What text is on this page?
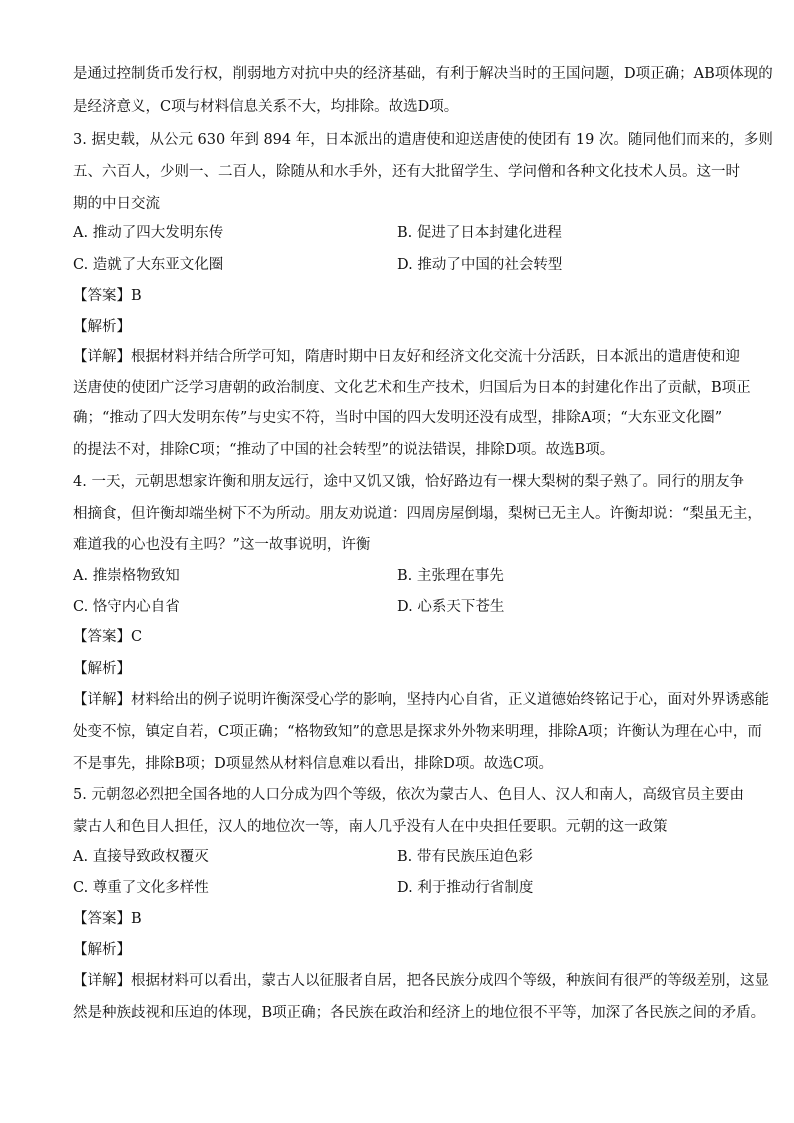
是通过控制货币发行权，削弱地方对抗中央的经济基础，有利于解决当时的王国问题，D项正确；AB项体现的
是经济意义，C项与材料信息关系不大，均排除。故选D项。
3. 据史载，从公元 630 年到 894 年，日本派出的遣唐使和迎送唐使的使团有 19 次。随同他们而来的，多则
五、六百人，少则一、二百人，除随从和水手外，还有大批留学生、学问僧和各种文化技术人员。这一时
期的中日交流
A. 推动了四大发明东传	B. 促进了日本封建化进程
C. 造就了大东亚文化圈	D. 推动了中国的社会转型
【答案】B
【解析】
【详解】根据材料并结合所学可知，隋唐时期中日友好和经济文化交流十分活跃，日本派出的遣唐使和迎
送唐使的使团广泛学习唐朝的政治制度、文化艺术和生产技术，归国后为日本的封建化作出了贡献，B项正
确；“推动了四大发明东传”与史实不符，当时中国的四大发明还没有成型，排除A项；“大东亚文化圈”
的提法不对，排除C项；“推动了中国的社会转型”的说法错误，排除D项。故选B项。
4. 一天，元朝思想家许衡和朋友远行，途中又饥又饿，恰好路边有一棵大梨树的梨子熟了。同行的朋友争
相摘食，但许衡却端坐树下不为所动。朋友劝说道：四周房屋倒塌，梨树已无主人。许衡却说：“梨虽无主，
难道我的心也没有主吗？”这一故事说明，许衡
A. 推崇格物致知	B. 主张理在事先
C. 恪守内心自省	D. 心系天下苍生
【答案】C
【解析】
【详解】材料给出的例子说明许衡深受心学的影响，坚持内心自省，正义道德始终铭记于心，面对外界诱惑能
处变不惊，镇定自若，C项正确；“格物致知”的意思是探求外外物来明理，排除A项；许衡认为理在心中，而
不是事先，排除B项；D项显然从材料信息难以看出，排除D项。故选C项。
5. 元朝忽必烈把全国各地的人口分成为四个等级，依次为蒙古人、色目人、汉人和南人，高级官员主要由
蒙古人和色目人担任，汉人的地位次一等，南人几乎没有人在中央担任要职。元朝的这一政策
A. 直接导致政权覆灭	B. 带有民族压迫色彩
C. 尊重了文化多样性	D. 利于推动行省制度
【答案】B
【解析】
【详解】根据材料可以看出，蒙古人以征服者自居，把各民族分成四个等级，种族间有很严的等级差别，这显
然是种族歧视和压迫的体现，B项正确；各民族在政治和经济上的地位很不平等，加深了各民族之间的矛盾。
